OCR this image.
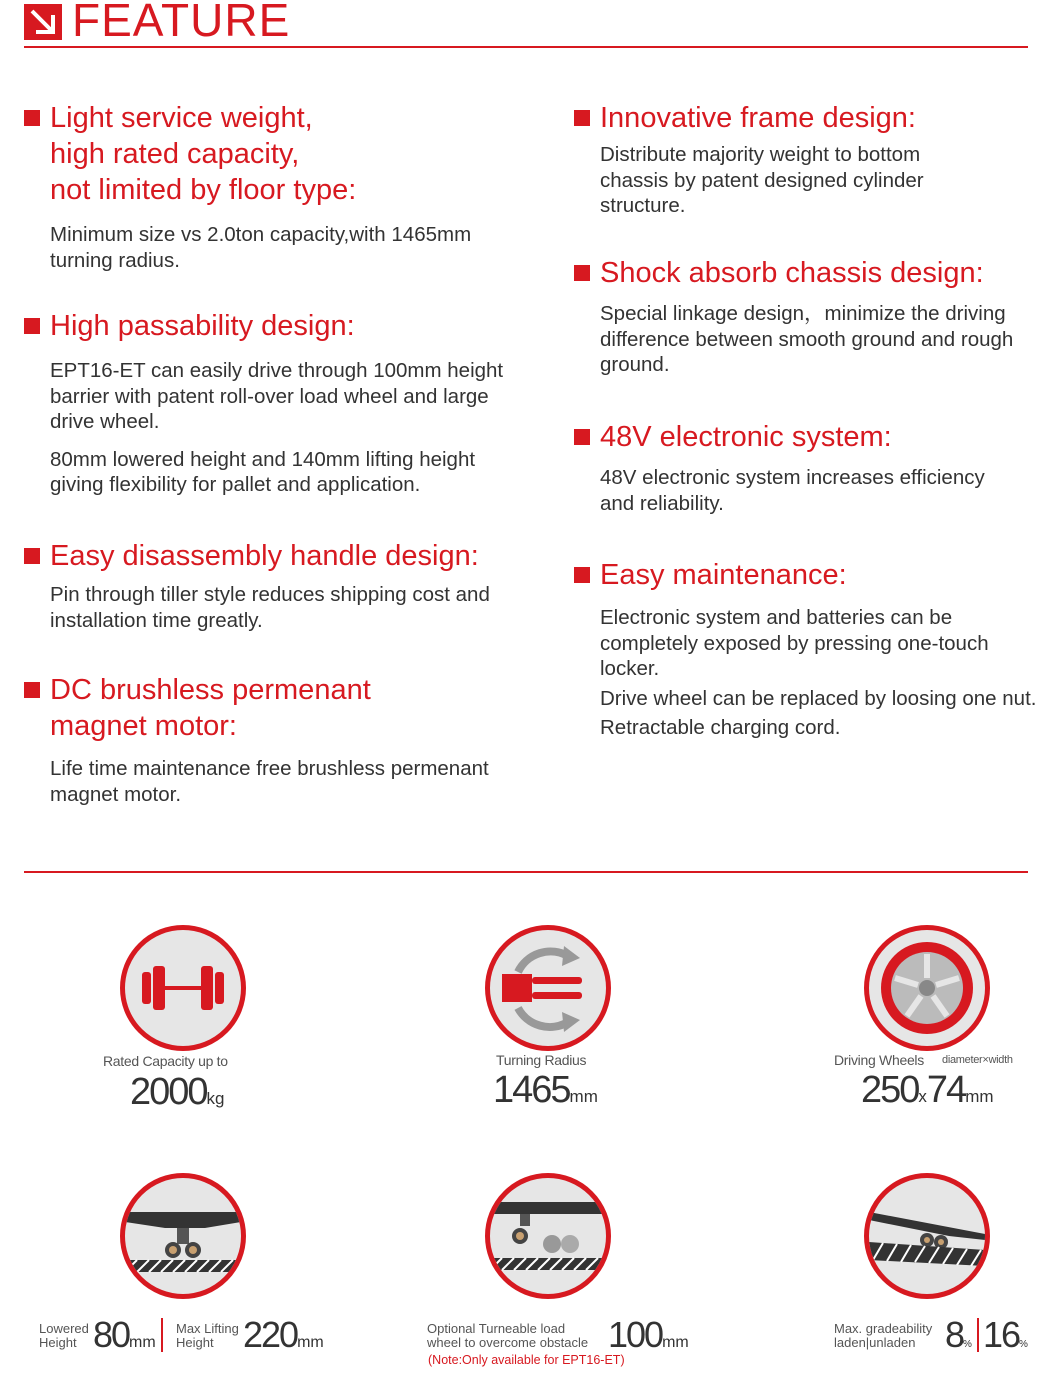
FEATURE
Light service weight,
high rated capacity,
not limited by floor type:
Minimum size vs 2.0ton capacity,with 1465mm turning radius.
High passability design:
EPT16-ET can easily drive through 100mm height barrier with patent roll-over load wheel and large drive wheel.
80mm lowered height and 140mm lifting height giving flexibility for pallet and application.
Easy disassembly handle design:
Pin through tiller style reduces shipping cost and installation time greatly.
DC brushless permenant
magnet motor:
Life time maintenance free brushless permenant magnet motor.
Innovative frame design:
Distribute majority weight to bottom chassis by patent designed cylinder structure.
Shock absorb chassis design:
Special linkage design，minimize the driving difference between smooth ground and rough ground.
48V electronic system:
48V electronic system increases efficiency and reliability.
Easy maintenance:
Electronic system and batteries can be completely exposed by pressing one-touch locker.
Drive wheel can be replaced by loosing one nut.
Retractable charging cord.
Rated Capacity up to
2000kg
Turning Radius
1465mm
Driving Wheels diameter×width
250x74mm
Lowered
Height 80mm
Max Lifting
Height 220mm
Optional Turneable load
wheel to overcome obstacle 100mm
(Note:Only available for EPT16-ET)
Max. gradeability
laden|unladen 8% 16%
